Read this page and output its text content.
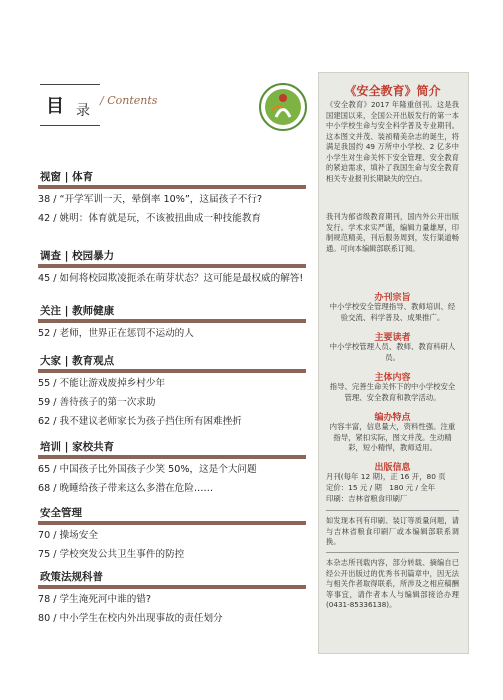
目 录
/ Contents
视窗 | 体育
38 / “开学军训一天，晕倒率 10%”，这届孩子不行?
42 / 姚明：体育就是玩，不该被扭曲成一种技能教育
调查 | 校园暴力
45 / 如何将校园欺凌扼杀在萌芽状态？这可能是最权威的解答!
关注 | 教师健康
52 / 老师，世界正在惩罚不运动的人
大家 | 教育观点
55 / 不能让游戏废掉乡村少年
59 / 善待孩子的第一次求助
62 / 我不建议老师家长为孩子挡住所有困难挫折
培训 | 家校共育
65 / 中国孩子比外国孩子少笑 50%，这是个大问题
68 / 晚睡给孩子带来这么多潜在危险……
安全管理
70 / 操场安全
75 / 学校突发公共卫生事件的防控
政策法规科普
78 / 学生淹死河中谁的错?
80 / 中小学生在校内外出现事故的责任划分
《安全教育》简介
《安全教育》2017 年隆重创刊。这是我国建国以来，全国公开出版发行的第一本中小学校生命与安全科学普及专业期刊。这本图文并茂、装祯精美杂志的诞生，将满足我国约 49 万所中小学校、2 亿多中小学生对生命关怀下安全管理、安全教育的紧迫需求，填补了我国生命与安全教育相关专业报刊长期缺失的空白。
我刊为郁省级教育期刊，国内外公开出版发行。学术求实严谨，编辑力量雄厚，印制规范精美，刊后服务周到，发行渠道畅通。可向本编辑部联系订阅。
办刊宗旨
中小学校安全管理指导、教师培训、经验交流、科学普及、成果推广。
主要读者
中小学校管理人员、教师、教育科研人员。
主体内容
指导、完善生命关怀下的中小学校安全管理、安全教育和教学活动。
编办特点
内容丰富，信息量大，资料性强。注重指导，紧扣实际，图文并茂。生动精彩，短小精悍，教师适用。
出版信息
月刊(每年 12 期)，正 16 开，80 页
定价：15 元 / 期　180 元 / 全年
印刷：吉林省粮食印刷厂
如发现本刊有印刷、装订等质量问题，请与吉林省粮食印刷厂或本编辑部联系调换。
本杂志所刊载内容，部分转载、摘编自已经公开出版过的优秀书刊篇章中，因无法与相关作者取得联系，所涉及之相应稿酬等事宜，请作者本人与编辑部接洽办理(0431-85336138)。
